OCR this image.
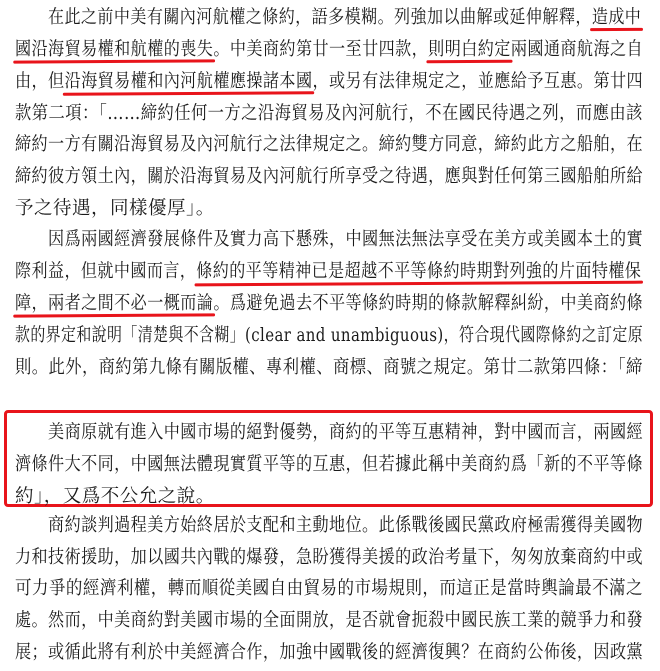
　　在此之前中美有關內河航權之條約，語多模糊。列強加以曲解或延伸解釋，造成中
國沿海貿易權和航權的喪失。中美商約第廿一至廿四款，則明白約定兩國通商航海之自
由，但沿海貿易權和內河航權應操諸本國，或另有法律規定之，並應給予互惠。第廿四
款第二項：「……締約任何一方之沿海貿易及內河航行，不在國民待遇之列，而應由該
締約一方有關沿海貿易及內河航行之法律規定之。締約雙方同意，締約此方之船舶，在
締約彼方領土內，關於沿海貿易及內河航行所享受之待遇，應與對任何第三國船舶所給
予之待遇，同樣優厚」。
　　因爲兩國經濟發展條件及實力高下懸殊，中國無法無法享受在美方或美國本土的實
際利益，但就中國而言，條約的平等精神已是超越不平等條約時期對列強的片面特權保
障，兩者之間不必一概而論。爲避免過去不平等條約時期的條款解釋糾紛，中美商約條
款的界定和說明「清楚與不含糊」(clear and unambiguous)，符合現代國際條約之訂定原
則。此外，商約第九條有關版權、專利權、商標、商號之規定。第廿二款第四條：「締
　　美商原就有進入中國市場的絕對優勢，商約的平等互惠精神，對中國而言，兩國經
濟條件大不同，中國無法體現實質平等的互惠，但若據此稱中美商約爲「新的不平等條
約」，又爲不公允之說。
　　商約談判過程美方始終居於支配和主動地位。此係戰後國民黨政府極需獲得美國物
力和技術援助，加以國共內戰的爆發，急盼獲得美援的政治考量下，匆匆放棄商約中或
可力爭的經濟利權，轉而順從美國自由貿易的市場規則，而這正是當時輿論最不滿之
處。然而，中美商約對美國市場的全面開放，是否就會扼殺中國民族工業的競爭力和發
展；或循此將有利於中美經濟合作，加強中國戰後的經濟復興？在商約公佈後，因政黨
